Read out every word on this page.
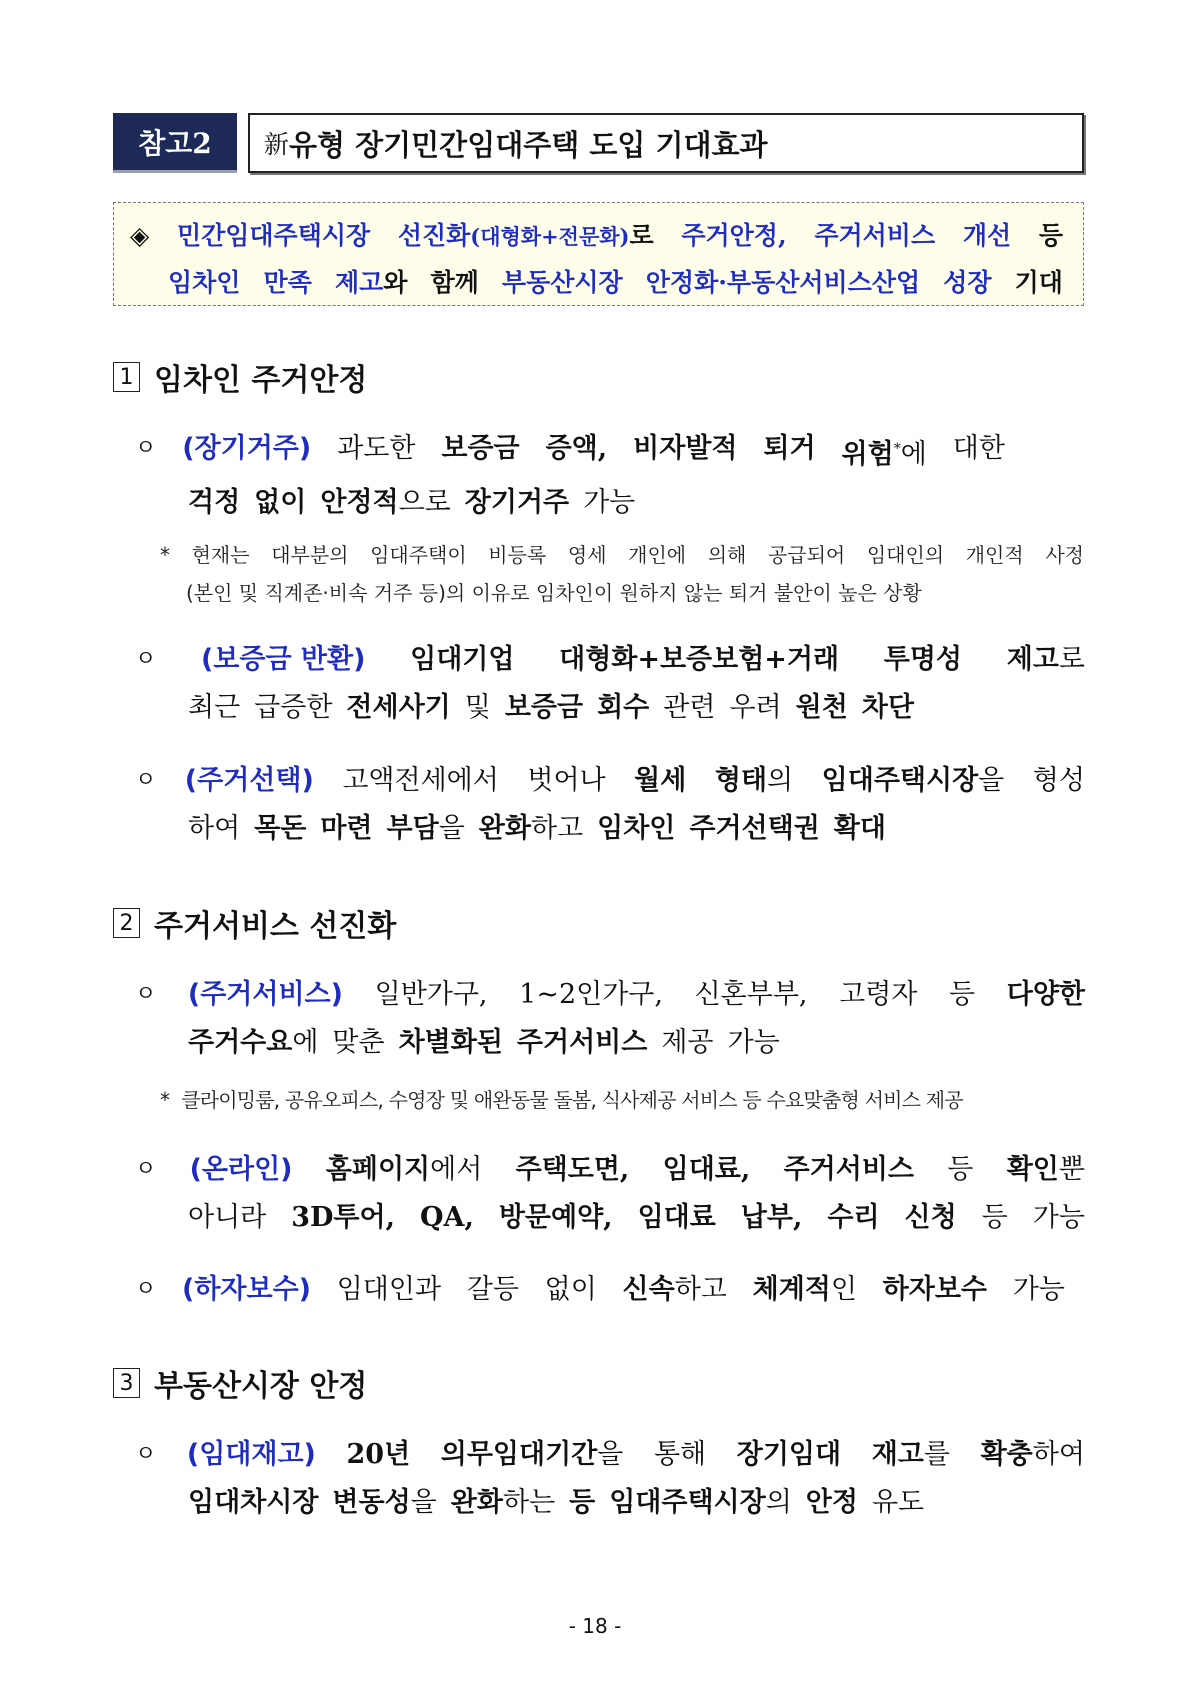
참고2	新 유형 장기민간임대주택 도입 기대효과
◈ 민간임대주택시장 선진화(대형화+전문화)로 주거안정, 주거서비스 개선 등
임차인 만족 제고와 함께 부동산시장 안정화·부동산서비스산업 성장 기대
1 임차인 주거안정
ㅇ (장기거주) 과도한 보증금 증액, 비자발적 퇴거 위험*에 대한
걱정 없이 안정적으로 장기거주 가능
* 현재는 대부분의 임대주택이 비등록 영세 개인에 의해 공급되어 임대인의 개인적 사정
(본인 및 직계존·비속 거주 등)의 이유로 임차인이 원하지 않는 퇴거 불안이 높은 상황
ㅇ (보증금 반환) 임대기업 대형화+보증보험+거래 투명성 제고로
최근 급증한 전세사기 및 보증금 회수 관련 우려 원천 차단
ㅇ (주거선택) 고액전세에서 벗어나 월세 형태의 임대주택시장을 형성
하여 목돈 마련 부담을 완화하고 임차인 주거선택권 확대
2 주거서비스 선진화
ㅇ (주거서비스) 일반가구, 1~2인가구, 신혼부부, 고령자 등 다양한
주거수요에 맞춘 차별화된 주거서비스 제공 가능
* 클라이밍룸, 공유오피스, 수영장 및 애완동물 돌봄, 식사제공 서비스 등 수요맞춤형 서비스 제공
ㅇ (온라인) 홈페이지에서 주택도면, 임대료, 주거서비스 등 확인뿐
아니라 3D투어, QA, 방문예약, 임대료 납부, 수리 신청 등 가능
ㅇ (하자보수) 임대인과 갈등 없이 신속하고 체계적인 하자보수 가능
3 부동산시장 안정
ㅇ (임대재고) 20년 의무임대기간을 통해 장기임대 재고를 확충하여
임대차시장 변동성을 완화하는 등 임대주택시장의 안정 유도
- 18 -
